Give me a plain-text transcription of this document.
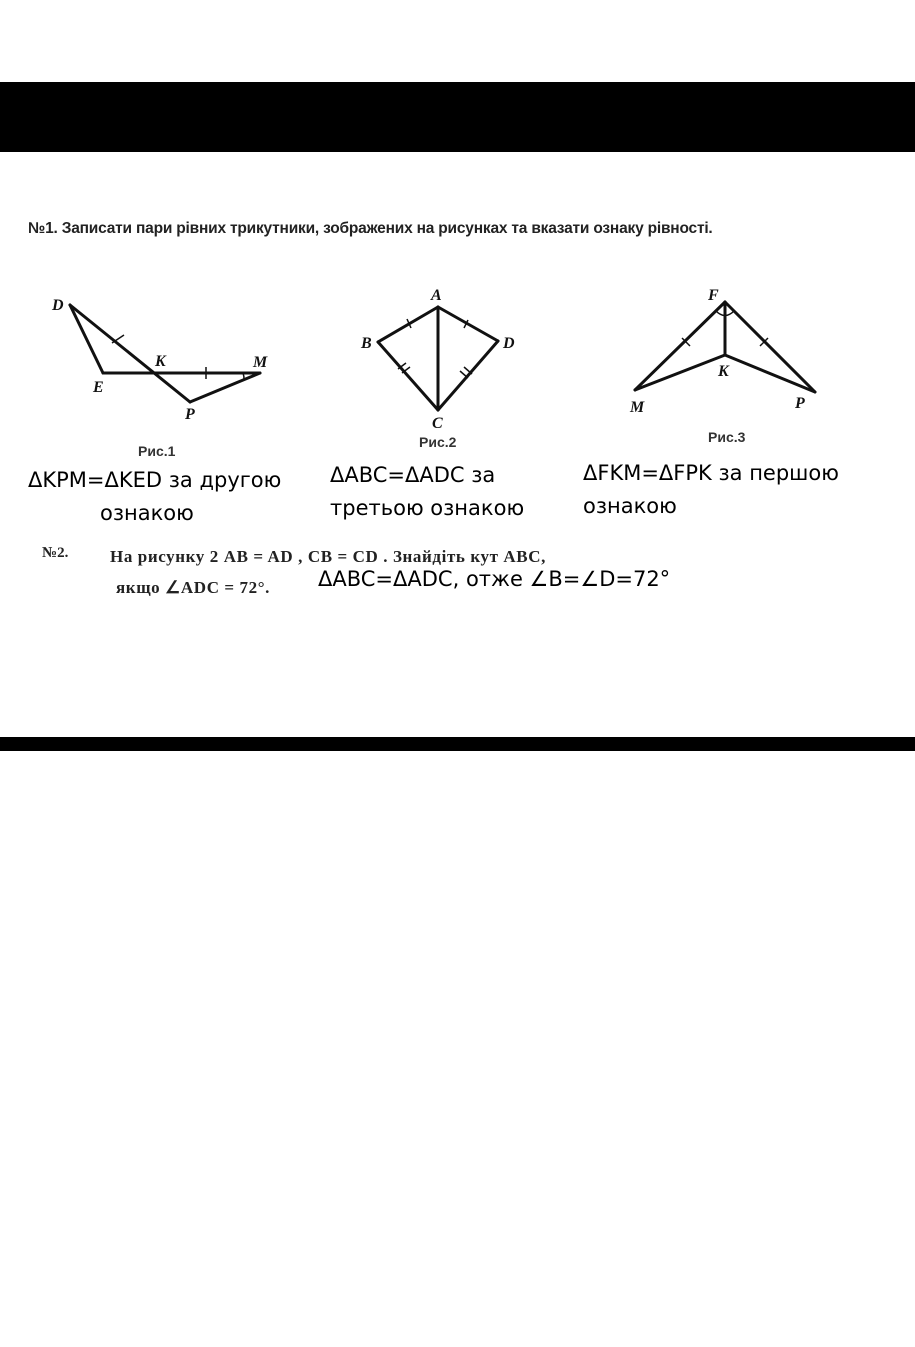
№1. Записати пари рівних трикутники, зображених на рисунках та вказати ознаку рівності.
D
K	M
E
P
Рис.1
A
B	D
C
Рис.2
F
K
M	P
Рис.3
ΔKPM=ΔKED за другою
ознакою
ΔABC=ΔADC за
третьою ознакою
ΔFKM=ΔFPK за першою
ознакою
№2. На рисунку 2 AB = AD , CB = CD . Знайдіть кут ABC,
якщо ∠ADC = 72°.	ΔABC=ΔADC, отже ∠B=∠D=72°
